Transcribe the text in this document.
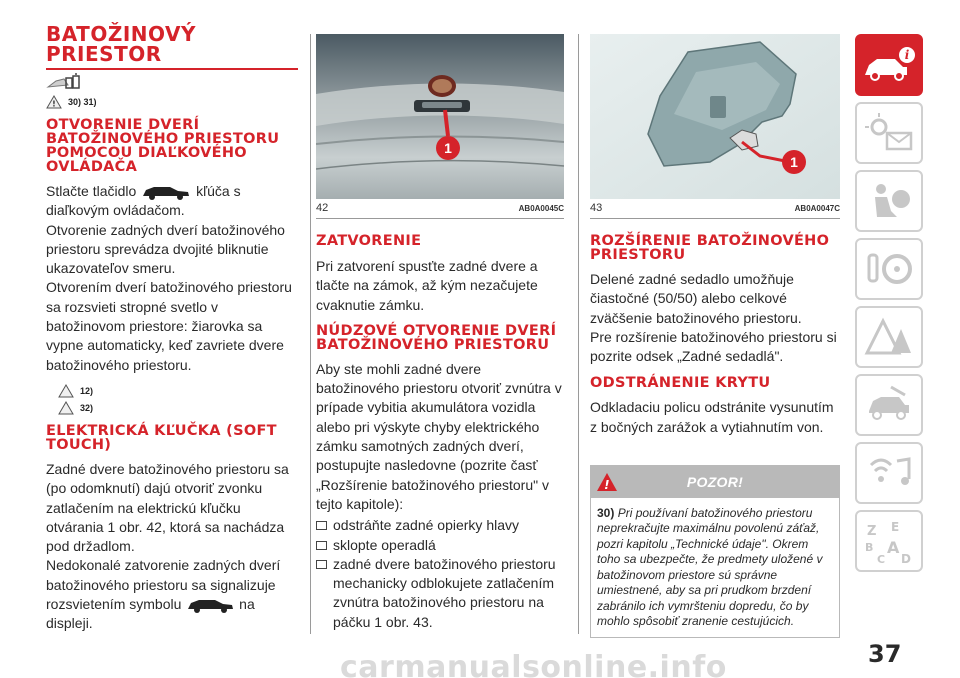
BATOŽINOVÝ PRIESTOR
! 30) 31)
OTVORENIE DVERÍ BATOŽINOVÉHO PRIESTORU POMOCOU DIAĽKOVÉHO OVLÁDAČA
Stlačte tlačidlo	kľúča s
diaľkovým ovládačom.
Otvorenie zadných dverí batožinového priestoru sprevádza dvojité bliknutie ukazovateľov smeru.
Otvorením dverí batožinového priestoru sa rozsvieti stropné svetlo v batožinovom priestore: žiarovka sa vypne automaticky, keď zavriete dvere batožinového priestoru.
12)
32)
ELEKTRICKÁ KĽUČKA (SOFT TOUCH)
Zadné dvere batožinového priestoru sa (po odomknutí) dajú otvoriť zvonku zatlačením na elektrickú kľučku otvárania 1 obr. 42, ktorá sa nachádza pod držadlom.
Nedokonalé zatvorenie zadných dverí batožinového priestoru sa signalizuje rozsvietením symbolu	na
displeji.
1
42	AB0A0045C
ZATVORENIE
Pri zatvorení spusťte zadné dvere a tlačte na zámok, až kým nezačujete cvaknutie zámku.
NÚDZOVÉ OTVORENIE DVERÍ BATOŽINOVÉHO PRIESTORU
Aby ste mohli zadné dvere batožinového priestoru otvoriť zvnútra v prípade vybitia akumulátora vozidla alebo pri výskyte chyby elektrického zámku samotných zadných dverí, postupujte nasledovne (pozrite časť „Rozšírenie batožinového priestoru" v tejto kapitole):
odstráňte zadné opierky hlavy
sklopte operadlá
zadné dvere batožinového priestoru mechanicky odblokujete zatlačením zvnútra batožinového priestoru na páčku 1 obr. 43.
1
43	AB0A0047C
ROZŠÍRENIE BATOŽINOVÉHO PRIESTORU
Delené zadné sedadlo umožňuje čiastočné (50/50) alebo celkové zväčšenie batožinového priestoru.
Pre rozšírenie batožinového priestoru si pozrite odsek „Zadné sedadlá".
ODSTRÁNENIE KRYTU
Odkladaciu policu odstránite vysunutím z bočných zarážok a vytiahnutím von.
!	POZOR!
30) Pri používaní batožinového priestoru neprekračujte maximálnu povolenú záťaž, pozri kapitolu „Technické údaje". Okrem toho sa ubezpečte, že predmety uložené v batožinovom priestore sú správne umiestnené, aby sa pri prudkom brzdení zabránilo ich vymršteniu dopredu, čo by mohlo spôsobiť zranenie cestujúcich.
i
Z E
B A
C D
37
carmanualsonline.info
